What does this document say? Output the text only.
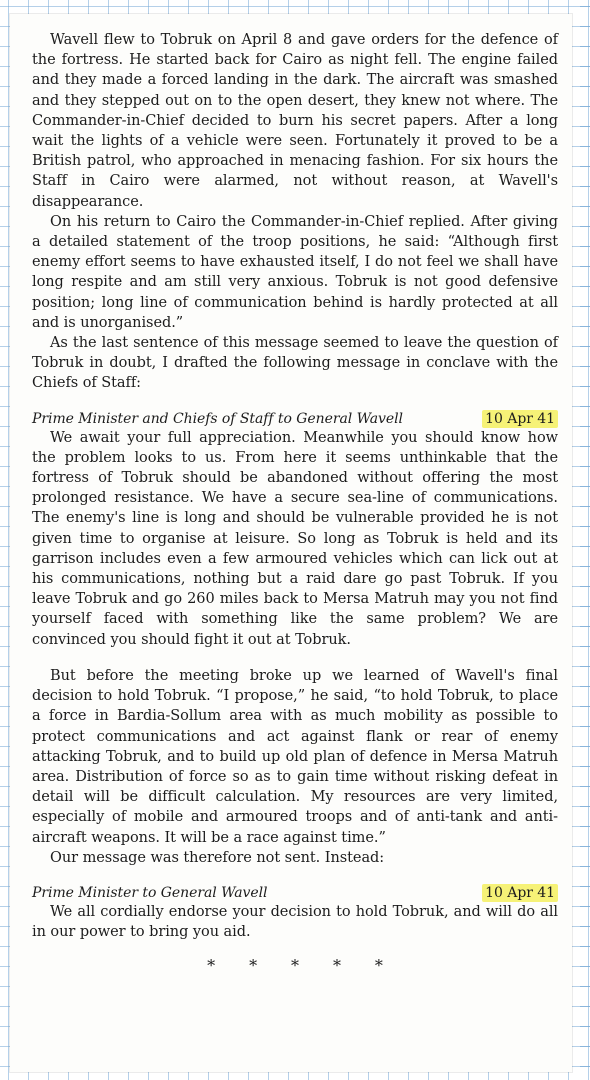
Wavell flew to Tobruk on April 8 and gave orders for the defence of the fortress. He started back for Cairo as night fell. The engine failed and they made a forced landing in the dark. The aircraft was smashed and they stepped out on to the open desert, they knew not where. The Commander-in-Chief decided to burn his secret papers. After a long wait the lights of a vehicle were seen. Fortunately it proved to be a British patrol, who approached in menacing fashion. For six hours the Staff in Cairo were alarmed, not without reason, at Wavell's disappearance.

On his return to Cairo the Commander-in-Chief replied. After giving a detailed statement of the troop positions, he said: “Although first enemy effort seems to have exhausted itself, I do not feel we shall have long respite and am still very anxious. Tobruk is not good defensive position; long line of communication behind is hardly protected at all and is unorganised.”

As the last sentence of this message seemed to leave the question of Tobruk in doubt, I drafted the following message in conclave with the Chiefs of Staff:

Prime Minister and Chiefs of Staff to General Wavell	10 Apr 41

We await your full appreciation. Meanwhile you should know how the problem looks to us. From here it seems unthinkable that the fortress of Tobruk should be abandoned without offering the most prolonged resistance. We have a secure sea-line of communications. The enemy's line is long and should be vulnerable provided he is not given time to organise at leisure. So long as Tobruk is held and its garrison includes even a few armoured vehicles which can lick out at his communications, nothing but a raid dare go past Tobruk. If you leave Tobruk and go 260 miles back to Mersa Matruh may you not find yourself faced with something like the same problem? We are convinced you should fight it out at Tobruk.

But before the meeting broke up we learned of Wavell's final decision to hold Tobruk. “I propose,” he said, “to hold Tobruk, to place a force in Bardia-Sollum area with as much mobility as possible to protect communications and act against flank or rear of enemy attacking Tobruk, and to build up old plan of defence in Mersa Matruh area. Distribution of force so as to gain time without risking defeat in detail will be difficult calculation. My resources are very limited, especially of mobile and armoured troops and of anti-tank and anti-aircraft weapons. It will be a race against time.”

Our message was therefore not sent. Instead:

Prime Minister to General Wavell	10 Apr 41

We all cordially endorse your decision to hold Tobruk, and will do all in our power to bring you aid.

* * * * *
